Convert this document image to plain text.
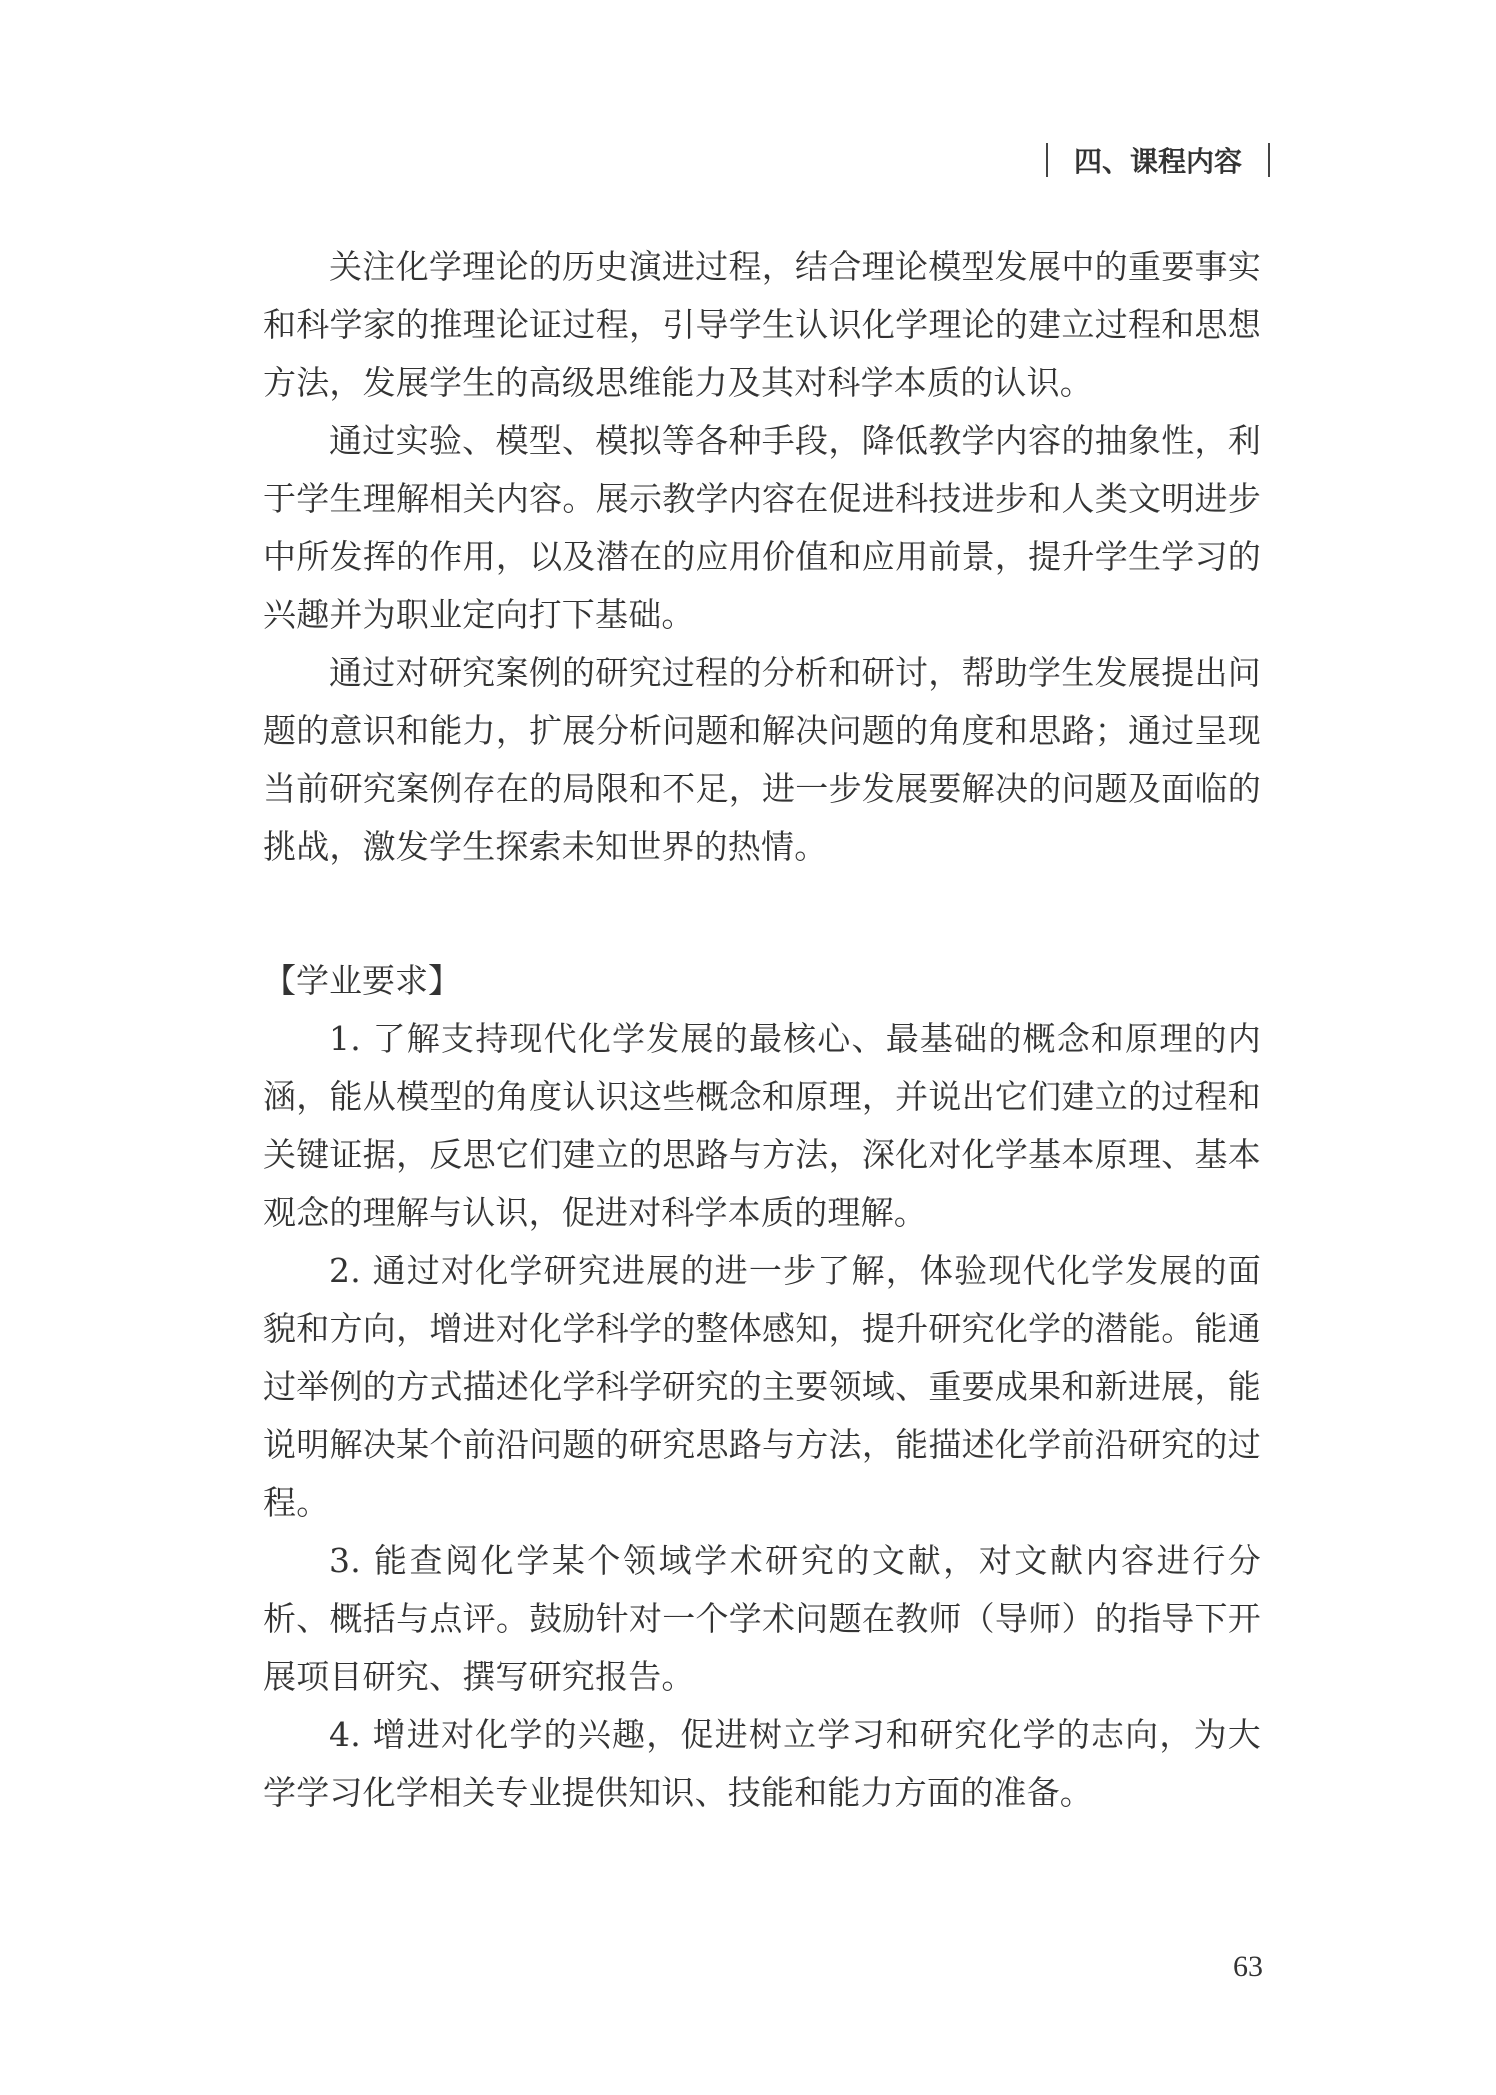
四、课程内容

关注化学理论的历史演进过程，结合理论模型发展中的重要事实和科学家的推理论证过程，引导学生认识化学理论的建立过程和思想方法，发展学生的高级思维能力及其对科学本质的认识。

通过实验、模型、模拟等各种手段，降低教学内容的抽象性，利于学生理解相关内容。展示教学内容在促进科技进步和人类文明进步中所发挥的作用，以及潜在的应用价值和应用前景，提升学生学习的兴趣并为职业定向打下基础。

通过对研究案例的研究过程的分析和研讨，帮助学生发展提出问题的意识和能力，扩展分析问题和解决问题的角度和思路；通过呈现当前研究案例存在的局限和不足，进一步发展要解决的问题及面临的挑战，激发学生探索未知世界的热情。

【学业要求】

1. 了解支持现代化学发展的最核心、最基础的概念和原理的内涵，能从模型的角度认识这些概念和原理，并说出它们建立的过程和关键证据，反思它们建立的思路与方法，深化对化学基本原理、基本观念的理解与认识，促进对科学本质的理解。

2. 通过对化学研究进展的进一步了解，体验现代化学发展的面貌和方向，增进对化学科学的整体感知，提升研究化学的潜能。能通过举例的方式描述化学科学研究的主要领域、重要成果和新进展，能说明解决某个前沿问题的研究思路与方法，能描述化学前沿研究的过程。

3. 能查阅化学某个领域学术研究的文献，对文献内容进行分析、概括与点评。鼓励针对一个学术问题在教师（导师）的指导下开展项目研究、撰写研究报告。

4. 增进对化学的兴趣，促进树立学习和研究化学的志向，为大学学习化学相关专业提供知识、技能和能力方面的准备。

63
